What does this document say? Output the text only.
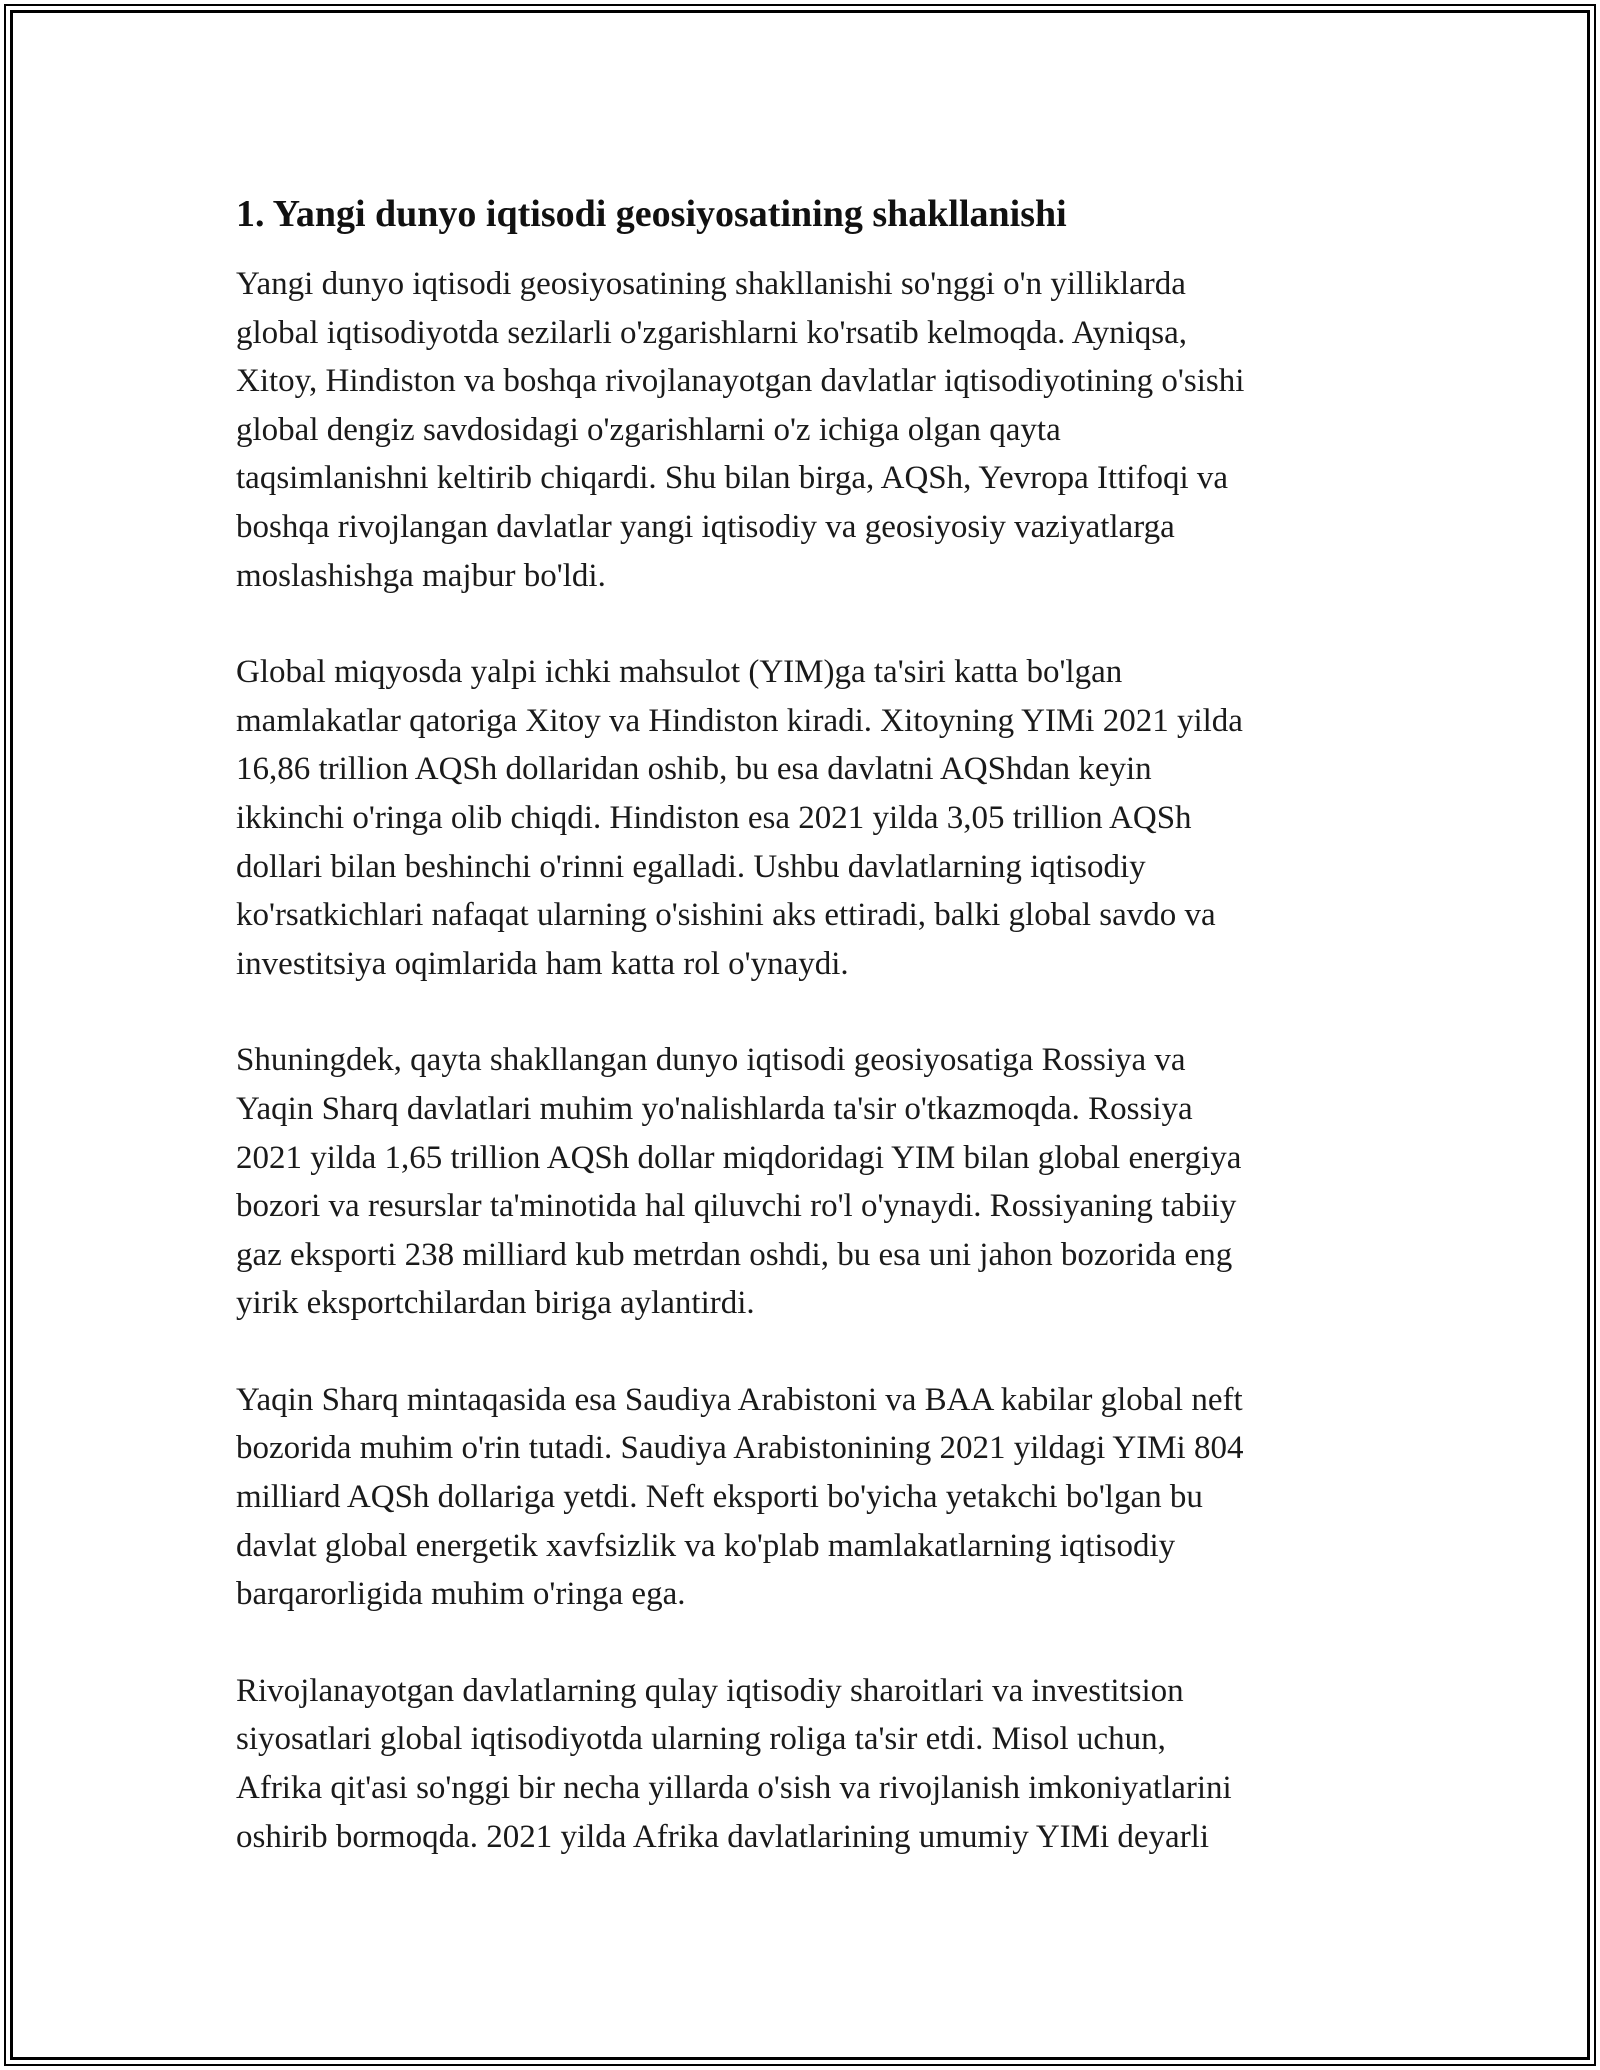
1. Yangi dunyo iqtisodi geosiyosatining shakllanishi

Yangi dunyo iqtisodi geosiyosatining shakllanishi so'nggi o'n yilliklarda
global iqtisodiyotda sezilarli o'zgarishlarni ko'rsatib kelmoqda. Ayniqsa,
Xitoy, Hindiston va boshqa rivojlanayotgan davlatlar iqtisodiyotining o'sishi
global dengiz savdosidagi o'zgarishlarni o'z ichiga olgan qayta
taqsimlanishni keltirib chiqardi. Shu bilan birga, AQSh, Yevropa Ittifoqi va
boshqa rivojlangan davlatlar yangi iqtisodiy va geosiyosiy vaziyatlarga
moslashishga majbur bo'ldi.

Global miqyosda yalpi ichki mahsulot (YIM)ga ta'siri katta bo'lgan
mamlakatlar qatoriga Xitoy va Hindiston kiradi. Xitoyning YIMi 2021 yilda
16,86 trillion AQSh dollaridan oshib, bu esa davlatni AQShdan keyin
ikkinchi o'ringa olib chiqdi. Hindiston esa 2021 yilda 3,05 trillion AQSh
dollari bilan beshinchi o'rinni egalladi. Ushbu davlatlarning iqtisodiy
ko'rsatkichlari nafaqat ularning o'sishini aks ettiradi, balki global savdo va
investitsiya oqimlarida ham katta rol o'ynaydi.

Shuningdek, qayta shakllangan dunyo iqtisodi geosiyosatiga Rossiya va
Yaqin Sharq davlatlari muhim yo'nalishlarda ta'sir o'tkazmoqda. Rossiya
2021 yilda 1,65 trillion AQSh dollar miqdoridagi YIM bilan global energiya
bozori va resurslar ta'minotida hal qiluvchi ro'l o'ynaydi. Rossiyaning tabiiy
gaz eksporti 238 milliard kub metrdan oshdi, bu esa uni jahon bozorida eng
yirik eksportchilardan biriga aylantirdi.

Yaqin Sharq mintaqasida esa Saudiya Arabistoni va BAA kabilar global neft
bozorida muhim o'rin tutadi. Saudiya Arabistonining 2021 yildagi YIMi 804
milliard AQSh dollariga yetdi. Neft eksporti bo'yicha yetakchi bo'lgan bu
davlat global energetik xavfsizlik va ko'plab mamlakatlarning iqtisodiy
barqarorligida muhim o'ringa ega.

Rivojlanayotgan davlatlarning qulay iqtisodiy sharoitlari va investitsion
siyosatlari global iqtisodiyotda ularning roliga ta'sir etdi. Misol uchun,
Afrika qit'asi so'nggi bir necha yillarda o'sish va rivojlanish imkoniyatlarini
oshirib bormoqda. 2021 yilda Afrika davlatlarining umumiy YIMi deyarli
